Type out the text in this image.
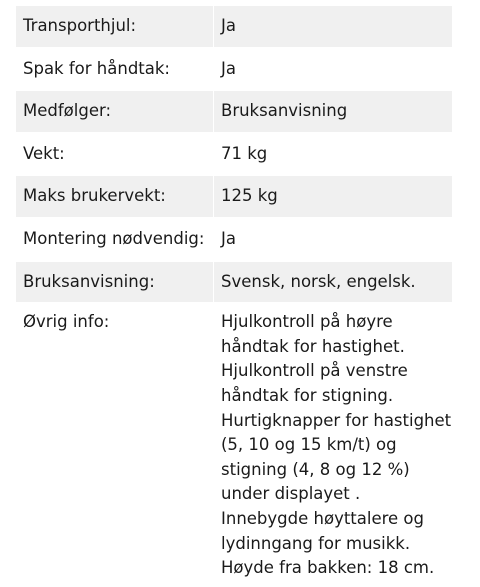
Transporthjul:	Ja
Spak for håndtak:	Ja
Medfølger:	Bruksanvisning
Vekt:	71 kg
Maks brukervekt:	125 kg
Montering nødvendig:	Ja
Bruksanvisning:	Svensk, norsk, engelsk.
Øvrig info:	Hjulkontroll på høyre
håndtak for hastighet.
Hjulkontroll på venstre
håndtak for stigning.
Hurtigknapper for hastighet
(5, 10 og 15 km/t) og
stigning (4, 8 og 12 %)
under displayet .
Innebygde høyttalere og
lydinngang for musikk.
Høyde fra bakken: 18 cm.
